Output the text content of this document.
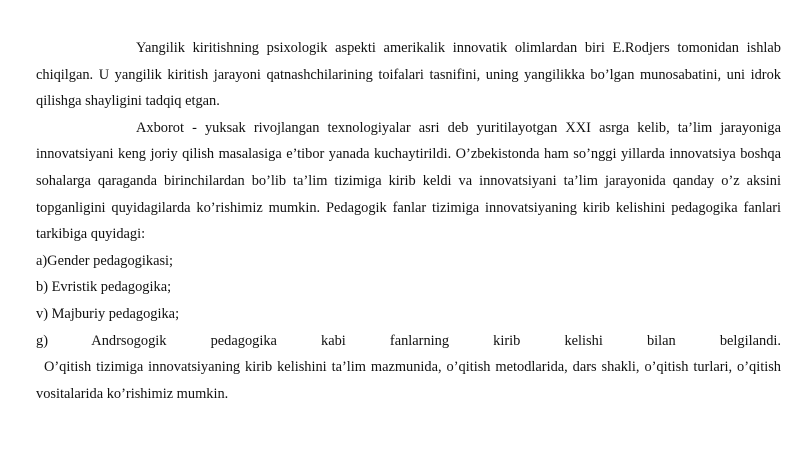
Yangilik kiritishning psixologik aspekti amerikalik innovatik olimlardan biri E.Rodjers tomonidan ishlab chiqilgan. U yangilik kiritish jarayoni qatnashchilarining toifalari tasnifini, uning yangilikka bo’lgan munosabatini, uni idrok qilishga shayligini tadqiq etgan.

Axborot - yuksak rivojlangan texnologiyalar asri deb yuritilayotgan XXI asrga kelib, ta’lim jarayoniga innovatsiyani keng joriy qilish masalasiga e’tibor yanada kuchaytirildi. O’zbekistonda ham so’nggi yillarda innovatsiya boshqa sohalarga qaraganda birinchilardan bo’lib ta’lim tizimiga kirib keldi va innovatsiyani ta’lim jarayonida qanday o’z aksini topganligini quyidagilarda ko’rishimiz mumkin. Pedagogik fanlar tizimiga innovatsiyaning kirib kelishini pedagogika fanlari tarkibiga quyidagi:

a)Gender pedagogikasi;

b) Evristik pedagogika;

v) Majburiy pedagogika;

g) Andrsogogik pedagogika kabi fanlarning kirib kelishi bilan belgilandi.

O’qitish tizimiga innovatsiyaning kirib kelishini ta’lim mazmunida, o’qitish metodlarida, dars shakli, o’qitish turlari, o’qitish vositalarida ko’rishimiz mumkin.
